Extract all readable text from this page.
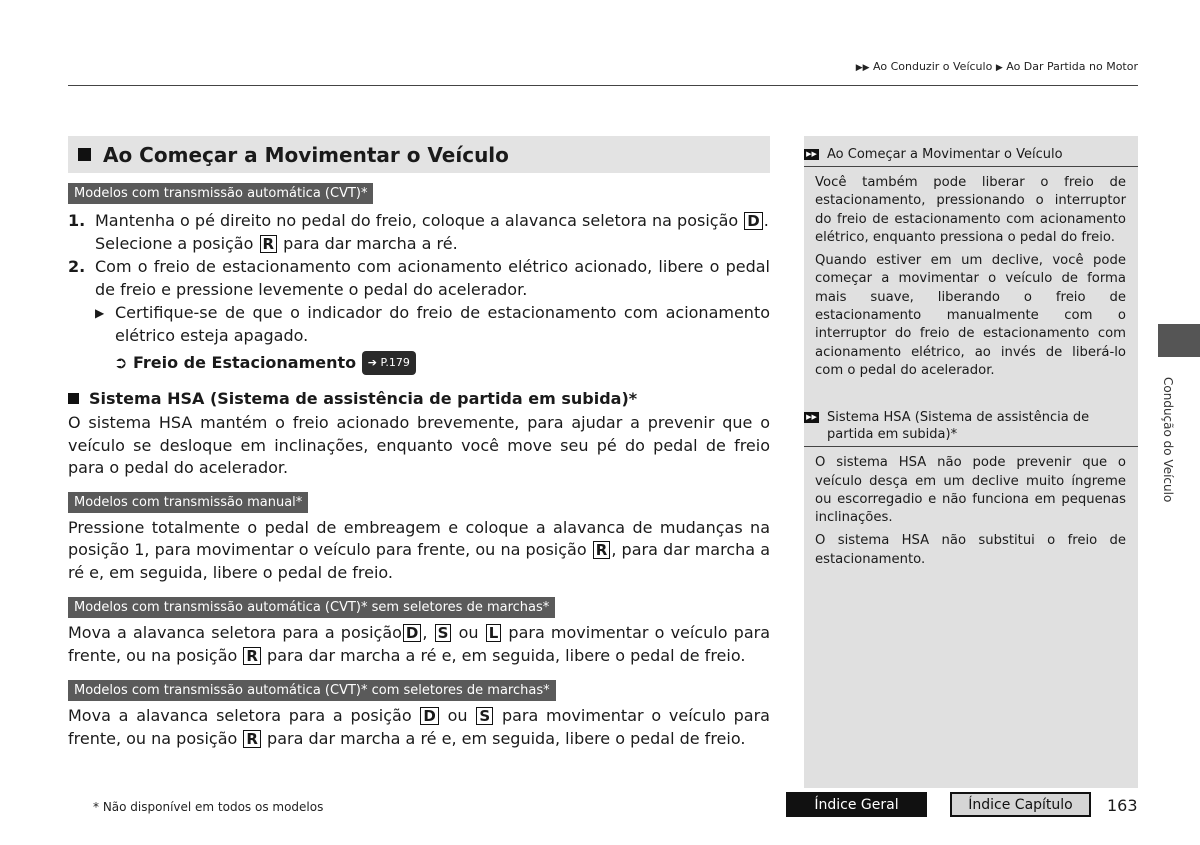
▶▶ Ao Conduzir o Veículo ▶ Ao Dar Partida no Motor
Ao Começar a Movimentar o Veículo
Modelos com transmissão automática (CVT)*
1. Mantenha o pé direito no pedal do freio, coloque a alavanca seletora na posição D .
Selecione a posição R para dar marcha a ré.
2. Com o freio de estacionamento com acionamento elétrico acionado, libere o pedal de freio e pressione levemente o pedal do acelerador.
▶ Certifique-se de que o indicador do freio de estacionamento com acionamento elétrico esteja apagado.
➲ Freio de Estacionamento ➔ P.179
Sistema HSA (Sistema de assistência de partida em subida)*
O sistema HSA mantém o freio acionado brevemente, para ajudar a prevenir que o veículo se desloque em inclinações, enquanto você move seu pé do pedal de freio para o pedal do acelerador.
Modelos com transmissão manual*
Pressione totalmente o pedal de embreagem e coloque a alavanca de mudanças na posição 1, para movimentar o veículo para frente, ou na posição R , para dar marcha a ré e, em seguida, libere o pedal de freio.
Modelos com transmissão automática (CVT)* sem seletores de marchas*
Mova a alavanca seletora para a posição D , S ou L para movimentar o veículo para frente, ou na posição R para dar marcha a ré e, em seguida, libere o pedal de freio.
Modelos com transmissão automática (CVT)* com seletores de marchas*
Mova a alavanca seletora para a posição D ou S para movimentar o veículo para frente, ou na posição R para dar marcha a ré e, em seguida, libere o pedal de freio.
▶▶ Ao Começar a Movimentar o Veículo
Você também pode liberar o freio de estacionamento, pressionando o interruptor do freio de estacionamento com acionamento elétrico, enquanto pressiona o pedal do freio.
Quando estiver em um declive, você pode começar a movimentar o veículo de forma mais suave, liberando o freio de estacionamento manualmente com o interruptor do freio de estacionamento com acionamento elétrico, ao invés de liberá-lo com o pedal do acelerador.
▶▶ Sistema HSA (Sistema de assistência de partida em subida)*
O sistema HSA não pode prevenir que o veículo desça em um declive muito íngreme ou escorregadio e não funciona em pequenas inclinações.
O sistema HSA não substitui o freio de estacionamento.
Condução do Veículo
* Não disponível em todos os modelos	Índice Geral	Índice Capítulo	163
